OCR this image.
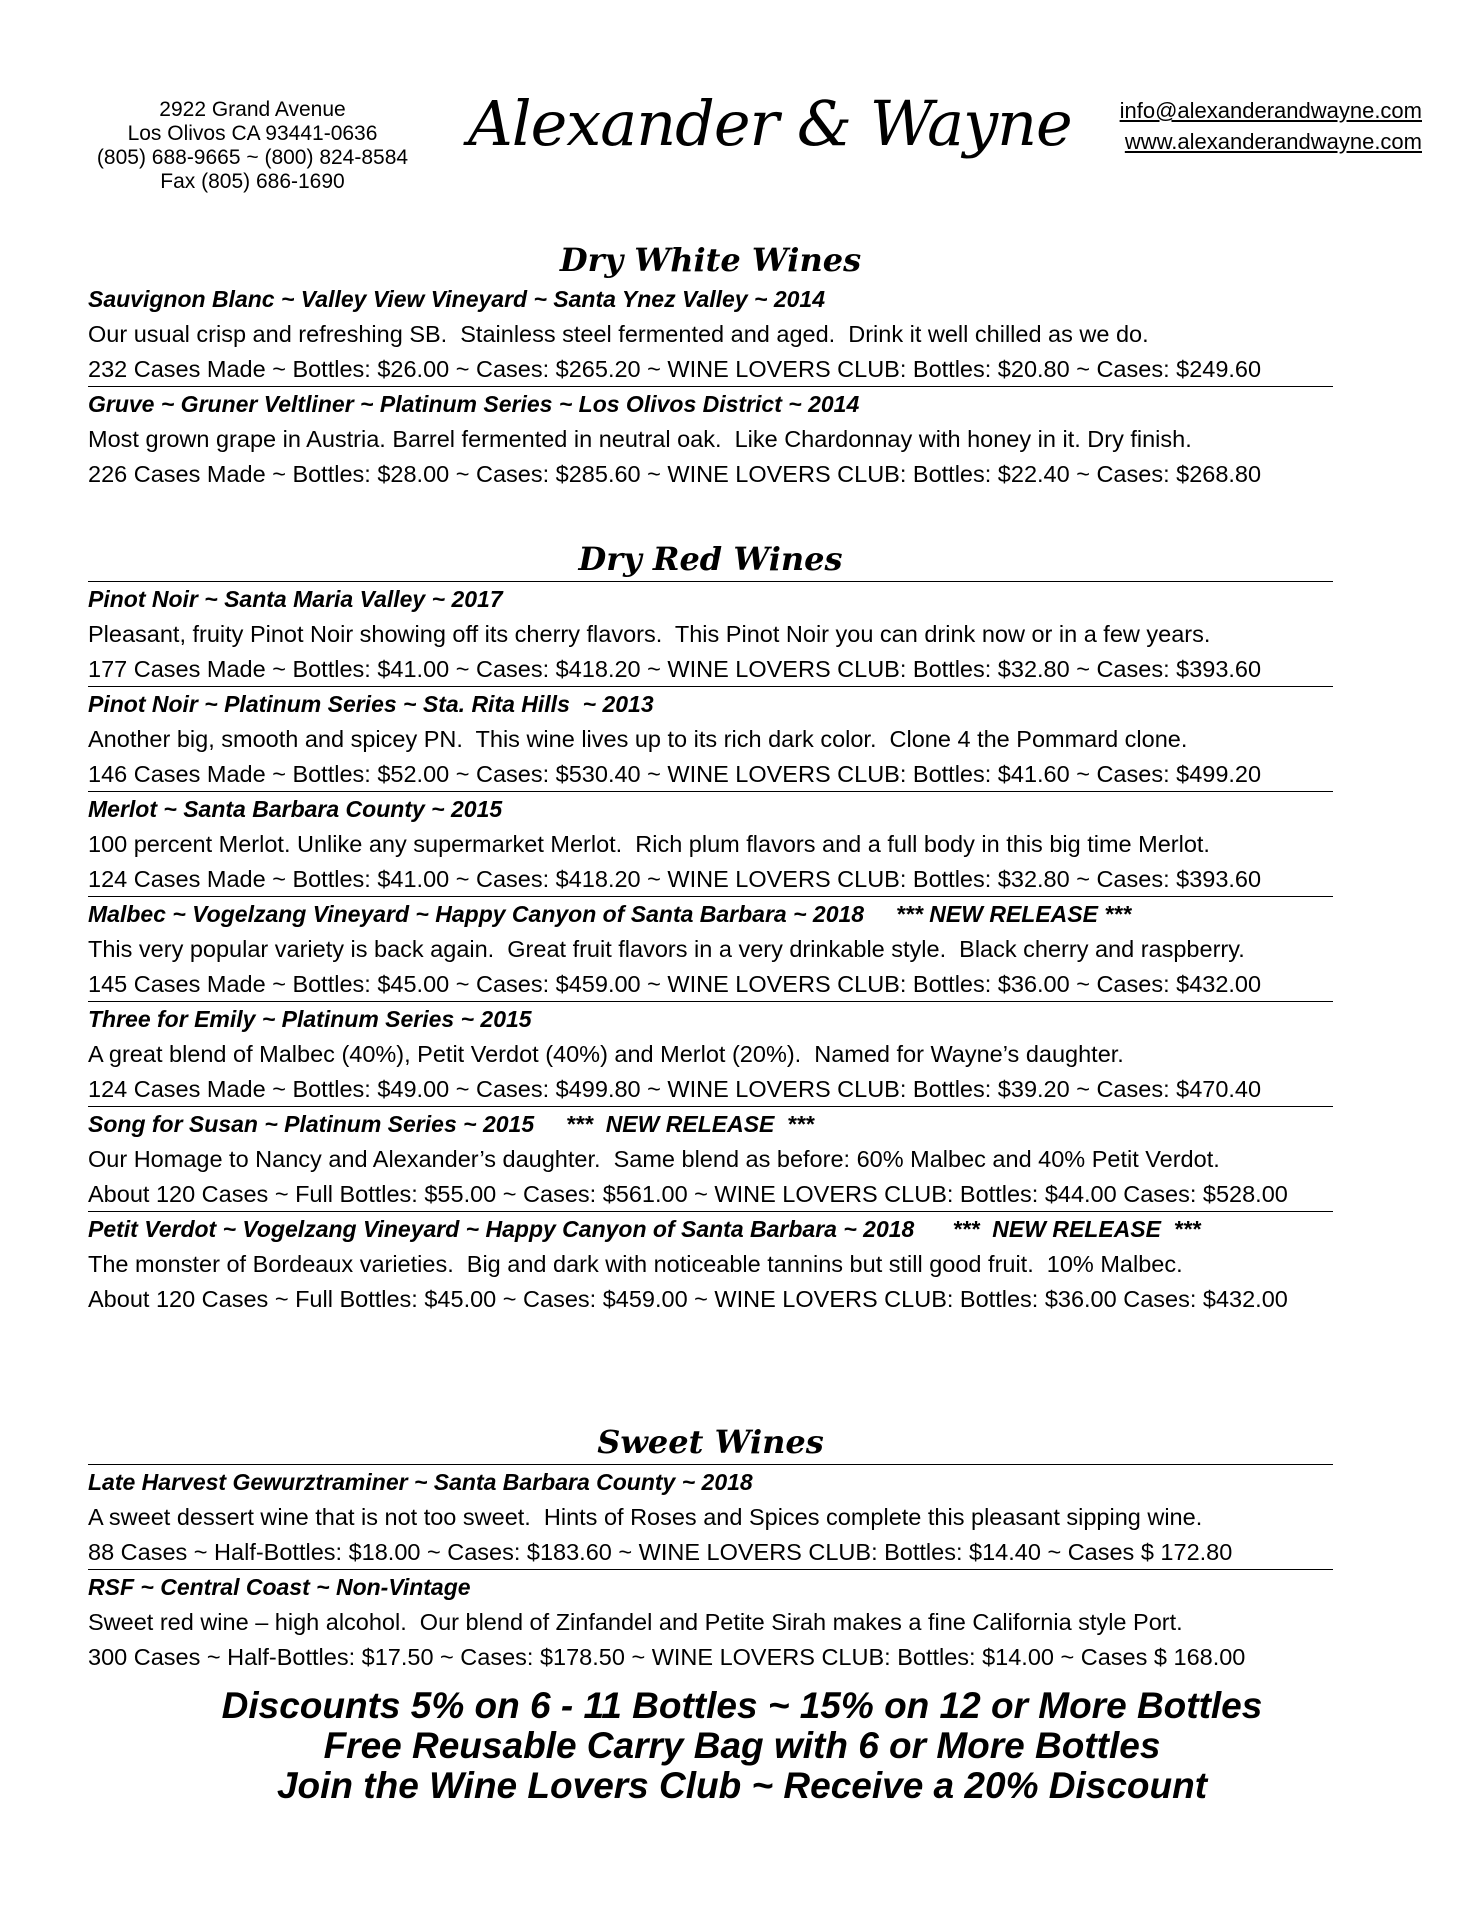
2922 Grand Avenue
Los Olivos CA 93441-0636
(805) 688-9665 ~ (800) 824-8584
Fax (805) 686-1690
Alexander & Wayne info@alexanderandwayne.com
www.alexanderandwayne.com
Dry White Wines
Sauvignon Blanc ~ Valley View Vineyard ~ Santa Ynez Valley ~ 2014
Our usual crisp and refreshing SB.  Stainless steel fermented and aged.  Drink it well chilled as we do.
232 Cases Made ~ Bottles: $26.00 ~ Cases: $265.20 ~ WINE LOVERS CLUB: Bottles: $20.80 ~ Cases: $249.60
Gruve ~ Gruner Veltliner ~ Platinum Series ~ Los Olivos District ~ 2014
Most grown grape in Austria. Barrel fermented in neutral oak.  Like Chardonnay with honey in it. Dry finish.
226 Cases Made ~ Bottles: $28.00 ~ Cases: $285.60 ~ WINE LOVERS CLUB: Bottles: $22.40 ~ Cases: $268.80
Dry Red Wines
Pinot Noir ~ Santa Maria Valley ~ 2017
Pleasant, fruity Pinot Noir showing off its cherry flavors.  This Pinot Noir you can drink now or in a few years.
177 Cases Made ~ Bottles: $41.00 ~ Cases: $418.20 ~ WINE LOVERS CLUB: Bottles: $32.80 ~ Cases: $393.60
Pinot Noir ~ Platinum Series ~ Sta. Rita Hills  ~ 2013
Another big, smooth and spicey PN.  This wine lives up to its rich dark color.  Clone 4 the Pommard clone.
146 Cases Made ~ Bottles: $52.00 ~ Cases: $530.40 ~ WINE LOVERS CLUB: Bottles: $41.60 ~ Cases: $499.20
Merlot ~ Santa Barbara County ~ 2015
100 percent Merlot. Unlike any supermarket Merlot.  Rich plum flavors and a full body in this big time Merlot.
124 Cases Made ~ Bottles: $41.00 ~ Cases: $418.20 ~ WINE LOVERS CLUB: Bottles: $32.80 ~ Cases: $393.60
Malbec ~ Vogelzang Vineyard ~ Happy Canyon of Santa Barbara ~ 2018     *** NEW RELEASE ***
This very popular variety is back again.  Great fruit flavors in a very drinkable style.  Black cherry and raspberry.
145 Cases Made ~ Bottles: $45.00 ~ Cases: $459.00 ~ WINE LOVERS CLUB: Bottles: $36.00 ~ Cases: $432.00
Three for Emily ~ Platinum Series ~ 2015
A great blend of Malbec (40%), Petit Verdot (40%) and Merlot (20%).  Named for Wayne’s daughter.
124 Cases Made ~ Bottles: $49.00 ~ Cases: $499.80 ~ WINE LOVERS CLUB: Bottles: $39.20 ~ Cases: $470.40
Song for Susan ~ Platinum Series ~ 2015     ***  NEW RELEASE  ***
Our Homage to Nancy and Alexander’s daughter.  Same blend as before: 60% Malbec and 40% Petit Verdot.
About 120 Cases ~ Full Bottles: $55.00 ~ Cases: $561.00 ~ WINE LOVERS CLUB: Bottles: $44.00 Cases: $528.00
Petit Verdot ~ Vogelzang Vineyard ~ Happy Canyon of Santa Barbara ~ 2018      ***  NEW RELEASE  ***
The monster of Bordeaux varieties.  Big and dark with noticeable tannins but still good fruit.  10% Malbec.
About 120 Cases ~ Full Bottles: $45.00 ~ Cases: $459.00 ~ WINE LOVERS CLUB: Bottles: $36.00 Cases: $432.00
Sweet Wines
Late Harvest Gewurztraminer ~ Santa Barbara County ~ 2018
A sweet dessert wine that is not too sweet.  Hints of Roses and Spices complete this pleasant sipping wine.
88 Cases ~ Half-Bottles: $18.00 ~ Cases: $183.60 ~ WINE LOVERS CLUB: Bottles: $14.40 ~ Cases $ 172.80
RSF ~ Central Coast ~ Non-Vintage
Sweet red wine – high alcohol.  Our blend of Zinfandel and Petite Sirah makes a fine California style Port.
300 Cases ~ Half-Bottles: $17.50 ~ Cases: $178.50 ~ WINE LOVERS CLUB: Bottles: $14.00 ~ Cases $ 168.00
Discounts 5% on 6 - 11 Bottles ~ 15% on 12 or More Bottles
Free Reusable Carry Bag with 6 or More Bottles
Join the Wine Lovers Club ~ Receive a 20% Discount
